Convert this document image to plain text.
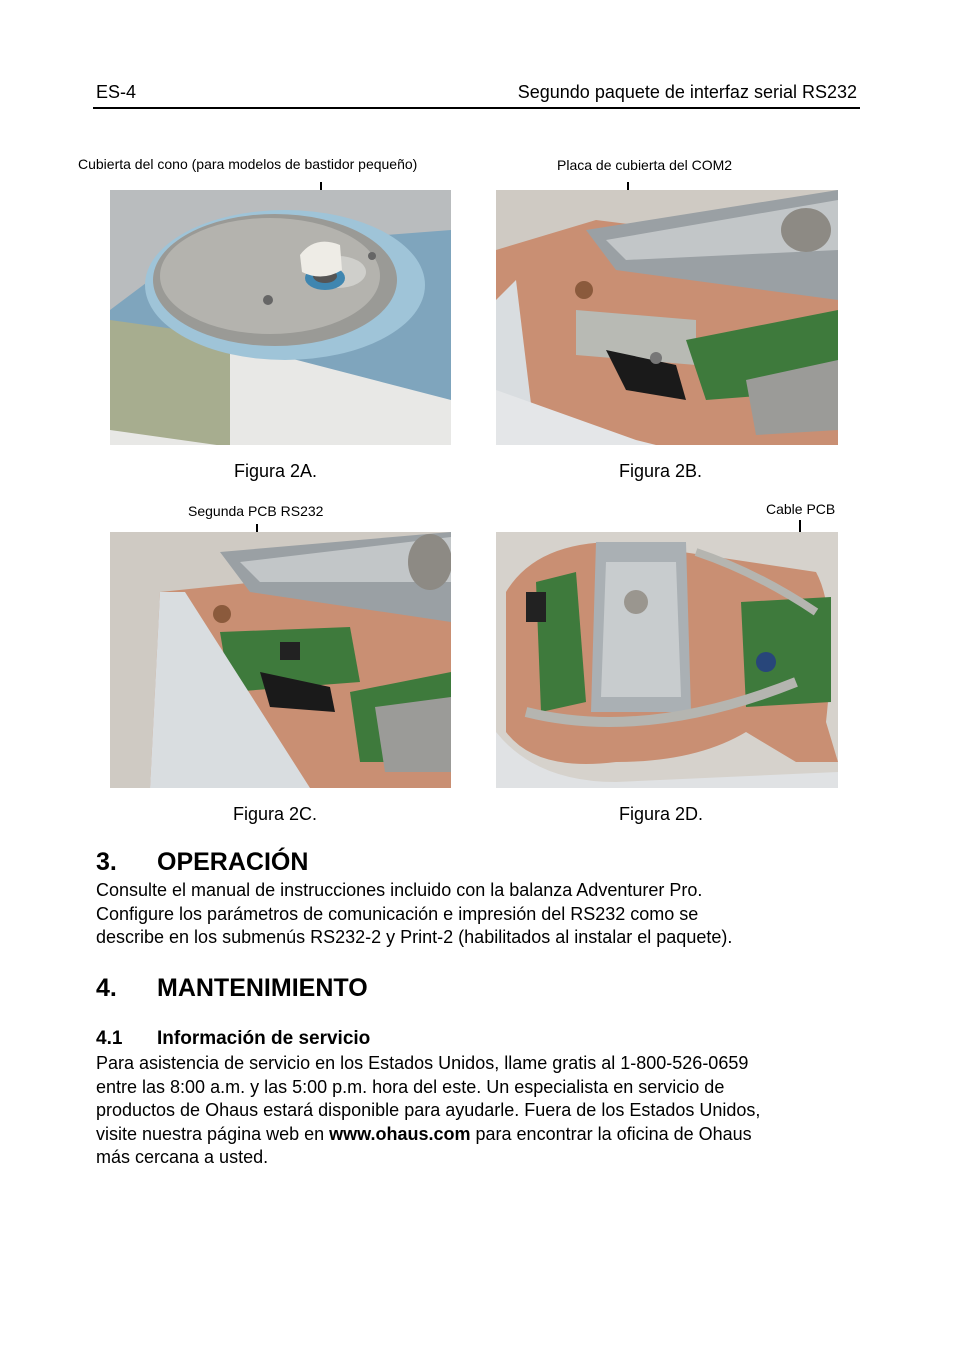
ES-4	Segundo paquete de interfaz serial RS232
Cubierta del cono (para modelos de bastidor pequeño)
Figura 2A.
Placa de cubierta del COM2
Figura 2B.
Segunda PCB RS232
Figura 2C.
Cable PCB
Figura 2D.
3. OPERACIÓN
Consulte el manual de instrucciones incluido con la balanza Adventurer Pro.
Configure los parámetros de comunicación e impresión del RS232 como se
describe en los submenús RS232-2 y Print-2 (habilitados al instalar el paquete).
4. MANTENIMIENTO
4.1 Información de servicio
Para asistencia de servicio en los Estados Unidos, llame gratis al 1-800-526-0659
entre las 8:00 a.m. y las 5:00 p.m. hora del este. Un especialista en servicio de
productos de Ohaus estará disponible para ayudarle. Fuera de los Estados Unidos,
visite nuestra página web en www.ohaus.com para encontrar la oficina de Ohaus
más cercana a usted.
